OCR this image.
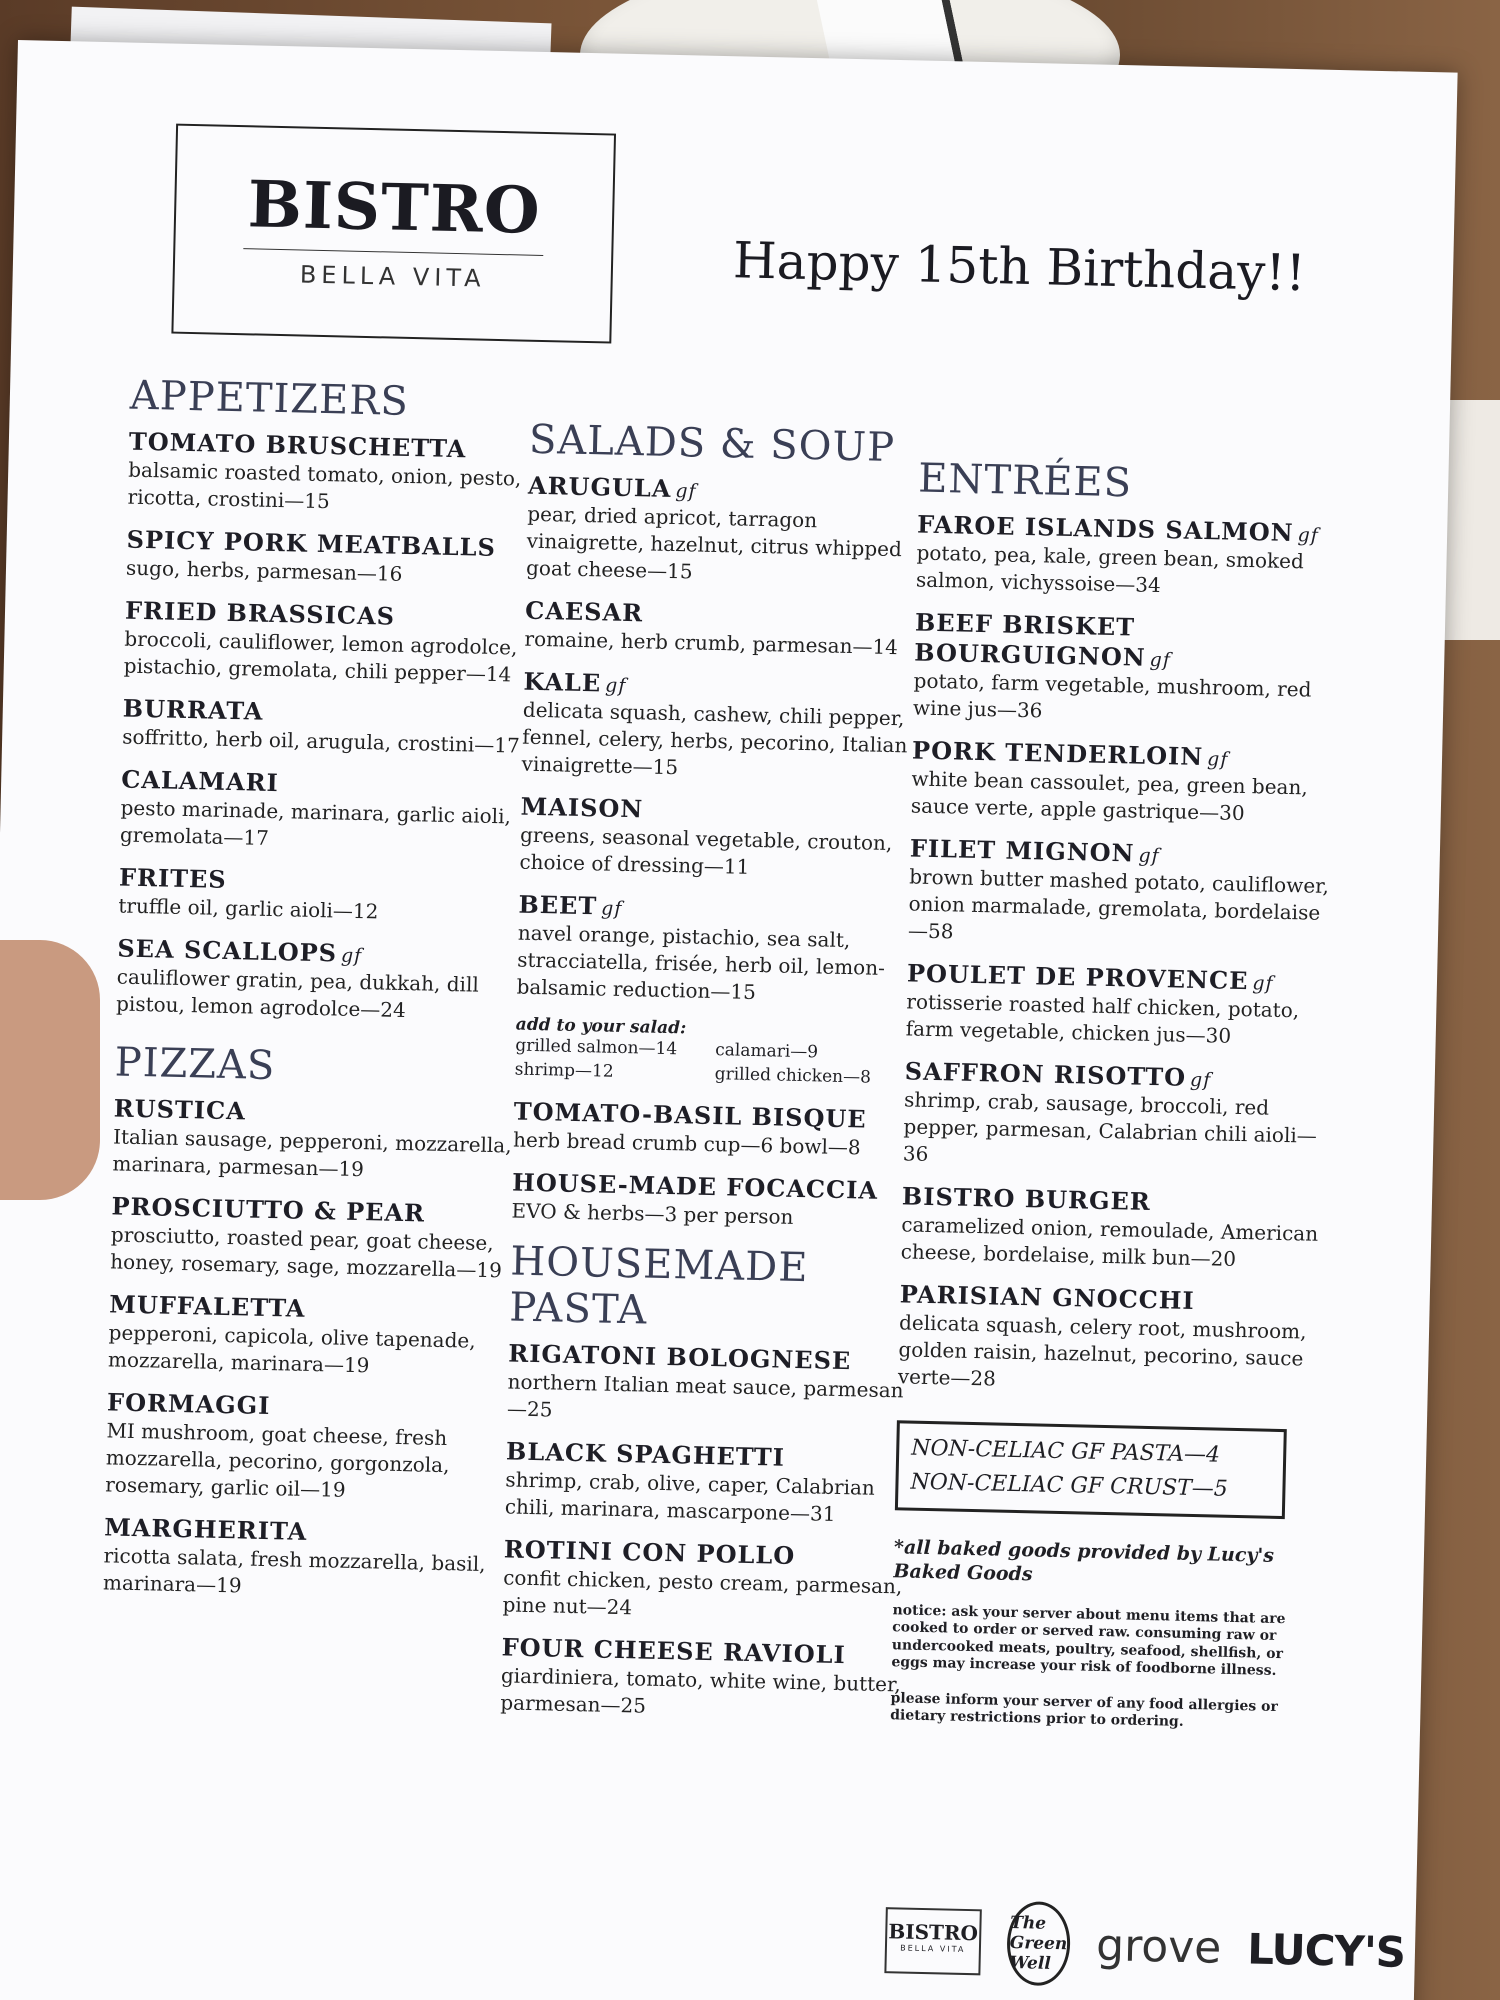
BISTRO
BELLA VITA	Happy 15th Birthday!!
APPETIZERS
TOMATO BRUSCHETTA
balsamic roasted tomato, onion, pesto, ricotta, crostini—15
SPICY PORK MEATBALLS
sugo, herbs, parmesan—16
FRIED BRASSICAS
broccoli, cauliflower, lemon agrodolce, pistachio, gremolata, chili pepper—14
BURRATA
soffritto, herb oil, arugula, crostini—17
CALAMARI
pesto marinade, marinara, garlic aioli, gremolata—17
FRITES
truffle oil, garlic aioli—12
SEA SCALLOPS gf
cauliflower gratin, pea, dukkah, dill pistou, lemon agrodolce—24
PIZZAS
RUSTICA
Italian sausage, pepperoni, mozzarella, marinara, parmesan—19
PROSCIUTTO & PEAR
prosciutto, roasted pear, goat cheese, honey, rosemary, sage, mozzarella—19
MUFFALETTA
pepperoni, capicola, olive tapenade, mozzarella, marinara—19
FORMAGGI
MI mushroom, goat cheese, fresh mozzarella, pecorino, gorgonzola, rosemary, garlic oil—19
MARGHERITA
ricotta salata, fresh mozzarella, basil, marinara—19
SALADS & SOUP
ARUGULA gf
pear, dried apricot, tarragon vinaigrette, hazelnut, citrus whipped goat cheese—15
CAESAR
romaine, herb crumb, parmesan—14
KALE gf
delicata squash, cashew, chili pepper, fennel, celery, herbs, pecorino, Italian vinaigrette—15
MAISON
greens, seasonal vegetable, crouton, choice of dressing—11
BEET gf
navel orange, pistachio, sea salt, stracciatella, frisée, herb oil, lemon-balsamic reduction—15
add to your salad:
grilled salmon—14	calamari—9
shrimp—12	grilled chicken—8
TOMATO-BASIL BISQUE
herb bread crumb cup—6 bowl—8
HOUSE-MADE FOCACCIA
EVO & herbs—3 per person
HOUSEMADE PASTA
RIGATONI BOLOGNESE
northern Italian meat sauce, parmesan—25
BLACK SPAGHETTI
shrimp, crab, olive, caper, Calabrian chili, marinara, mascarpone—31
ROTINI CON POLLO
confit chicken, pesto cream, parmesan, pine nut—24
FOUR CHEESE RAVIOLI
giardiniera, tomato, white wine, butter, parmesan—25
ENTRÉES
FAROE ISLANDS SALMON gf
potato, pea, kale, green bean, smoked salmon, vichyssoise—34
BEEF BRISKET BOURGUIGNON gf
potato, farm vegetable, mushroom, red wine jus—36
PORK TENDERLOIN gf
white bean cassoulet, pea, green bean, sauce verte, apple gastrique—30
FILET MIGNON gf
brown butter mashed potato, cauliflower, onion marmalade, gremolata, bordelaise—58
POULET DE PROVENCE gf
rotisserie roasted half chicken, potato, farm vegetable, chicken jus—30
SAFFRON RISOTTO gf
shrimp, crab, sausage, broccoli, red pepper, parmesan, Calabrian chili aioli—36
BISTRO BURGER
caramelized onion, remoulade, American cheese, bordelaise, milk bun—20
PARISIAN GNOCCHI
delicata squash, celery root, mushroom, golden raisin, hazelnut, pecorino, sauce verte—28
NON-CELIAC GF PASTA—4
NON-CELIAC GF CRUST—5
*all baked goods provided by Lucy's Baked Goods
notice: ask your server about menu items that are cooked to order or served raw. consuming raw or undercooked meats, poultry, seafood, shellfish, or eggs may increase your risk of foodborne illness.
please inform your server of any food allergies or dietary restrictions prior to ordering.
BISTRO
BELLA VITA
The Green Well	grove LUCY'S
